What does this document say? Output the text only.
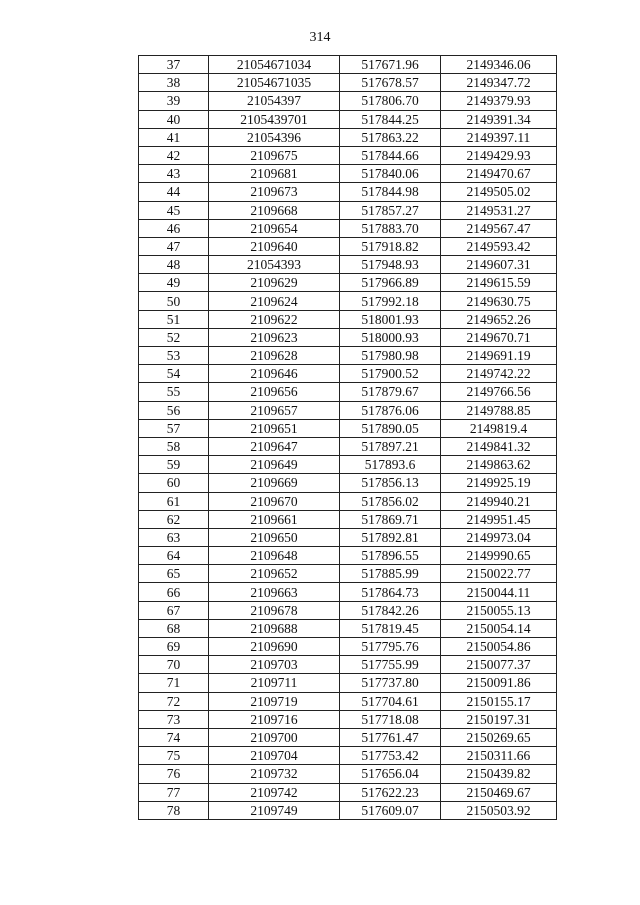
314
37	21054671034	517671.96	2149346.06
38	21054671035	517678.57	2149347.72
39	21054397	517806.70	2149379.93
40	2105439701	517844.25	2149391.34
41	21054396	517863.22	2149397.11
42	2109675	517844.66	2149429.93
43	2109681	517840.06	2149470.67
44	2109673	517844.98	2149505.02
45	2109668	517857.27	2149531.27
46	2109654	517883.70	2149567.47
47	2109640	517918.82	2149593.42
48	21054393	517948.93	2149607.31
49	2109629	517966.89	2149615.59
50	2109624	517992.18	2149630.75
51	2109622	518001.93	2149652.26
52	2109623	518000.93	2149670.71
53	2109628	517980.98	2149691.19
54	2109646	517900.52	2149742.22
55	2109656	517879.67	2149766.56
56	2109657	517876.06	2149788.85
57	2109651	517890.05	2149819.4
58	2109647	517897.21	2149841.32
59	2109649	517893.6	2149863.62
60	2109669	517856.13	2149925.19
61	2109670	517856.02	2149940.21
62	2109661	517869.71	2149951.45
63	2109650	517892.81	2149973.04
64	2109648	517896.55	2149990.65
65	2109652	517885.99	2150022.77
66	2109663	517864.73	2150044.11
67	2109678	517842.26	2150055.13
68	2109688	517819.45	2150054.14
69	2109690	517795.76	2150054.86
70	2109703	517755.99	2150077.37
71	2109711	517737.80	2150091.86
72	2109719	517704.61	2150155.17
73	2109716	517718.08	2150197.31
74	2109700	517761.47	2150269.65
75	2109704	517753.42	2150311.66
76	2109732	517656.04	2150439.82
77	2109742	517622.23	2150469.67
78	2109749	517609.07	2150503.92
